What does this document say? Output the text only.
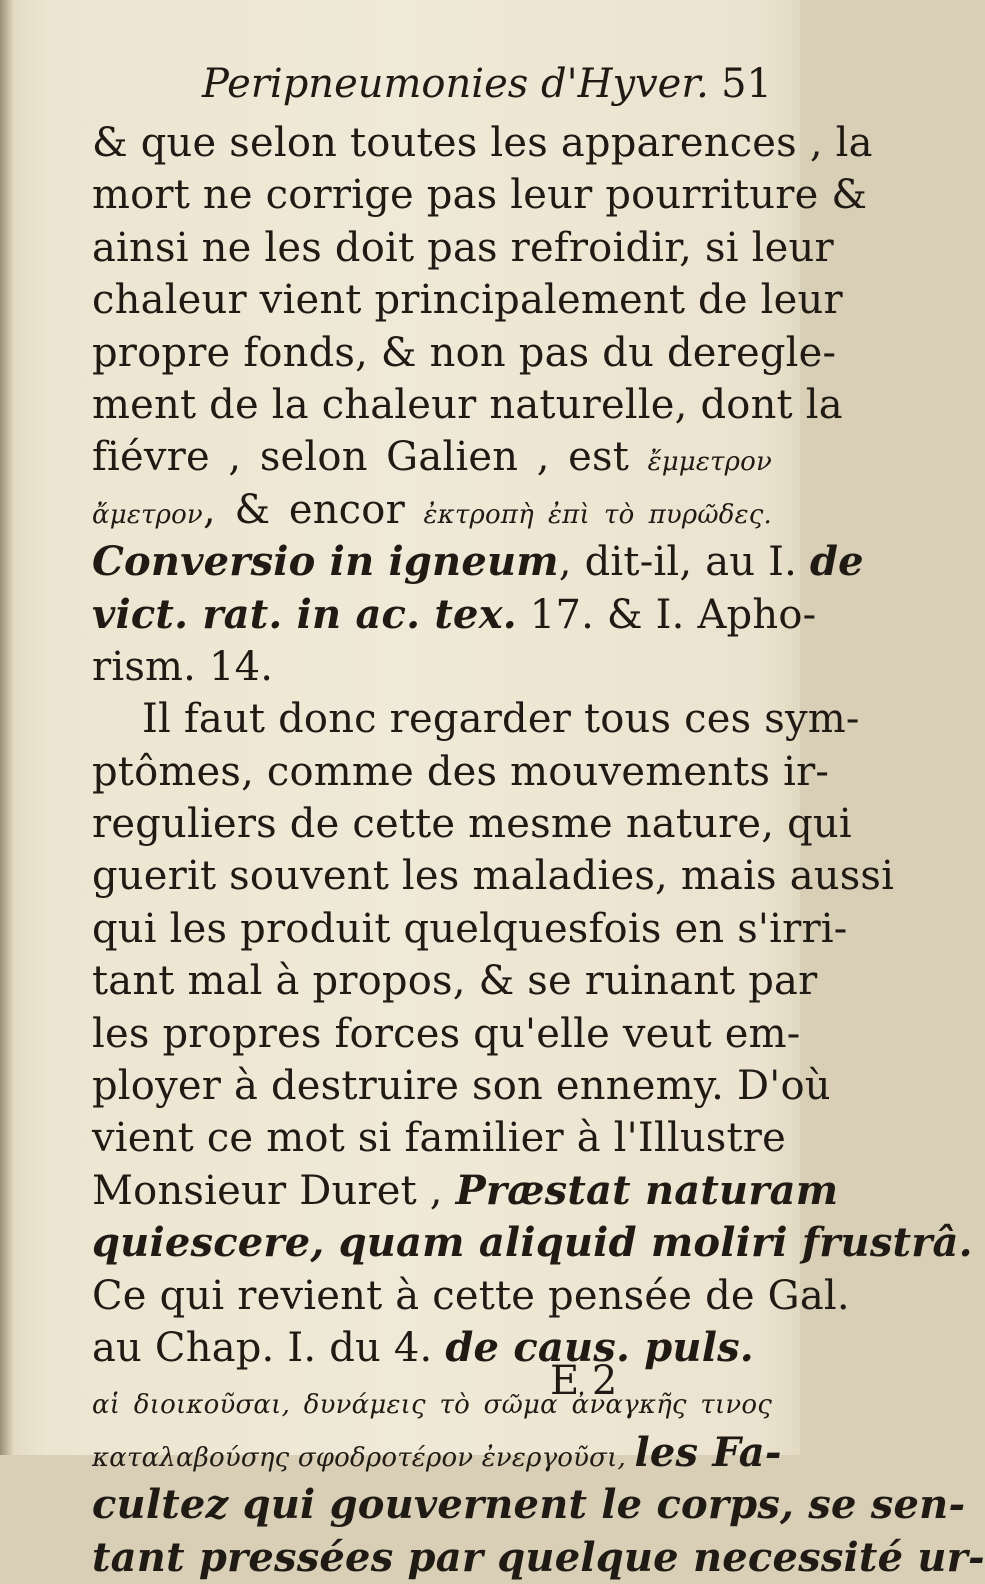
Peripneumonies d'Hyver. 51
& que selon toutes les apparences , la
mort ne corrige pas leur pourriture &
ainsi ne les doit pas refroidir, si leur
chaleur vient principalement de leur
propre fonds, & non pas du deregle-
ment de la chaleur naturelle, dont la
fiévre , selon Galien , est ἔμμετρον
ἄμετρον, & encor ἐκτροπὴ ἐπὶ τὸ πυρῶδες.
Conversio in igneum, dit-il, au I. de
vict. rat. in ac. tex. 17. & I. Apho-
rism. 14.
Il faut donc regarder tous ces sym-
ptômes, comme des mouvements ir-
reguliers de cette mesme nature, qui
guerit souvent les maladies, mais aussi
qui les produit quelquesfois en s'irri-
tant mal à propos, & se ruinant par
les propres forces qu'elle veut em-
ployer à destruire son ennemy. D'où
vient ce mot si familier à l'Illustre
Monsieur Duret , Præstat naturam
quiescere, quam aliquid moliri frustrâ.
Ce qui revient à cette pensée de Gal.
au Chap. I. du 4. de caus. puls.
αἱ διοικοῦσαι, δυνάμεις τὸ σῶμα ἀναγκῆς τινος
καταλαβούσης σφοδροτέρον ἐνεργοῦσι, les Fa-
cultez qui gouvernent le corps, se sen-
tant pressées par quelque necessité ur-
E 2
